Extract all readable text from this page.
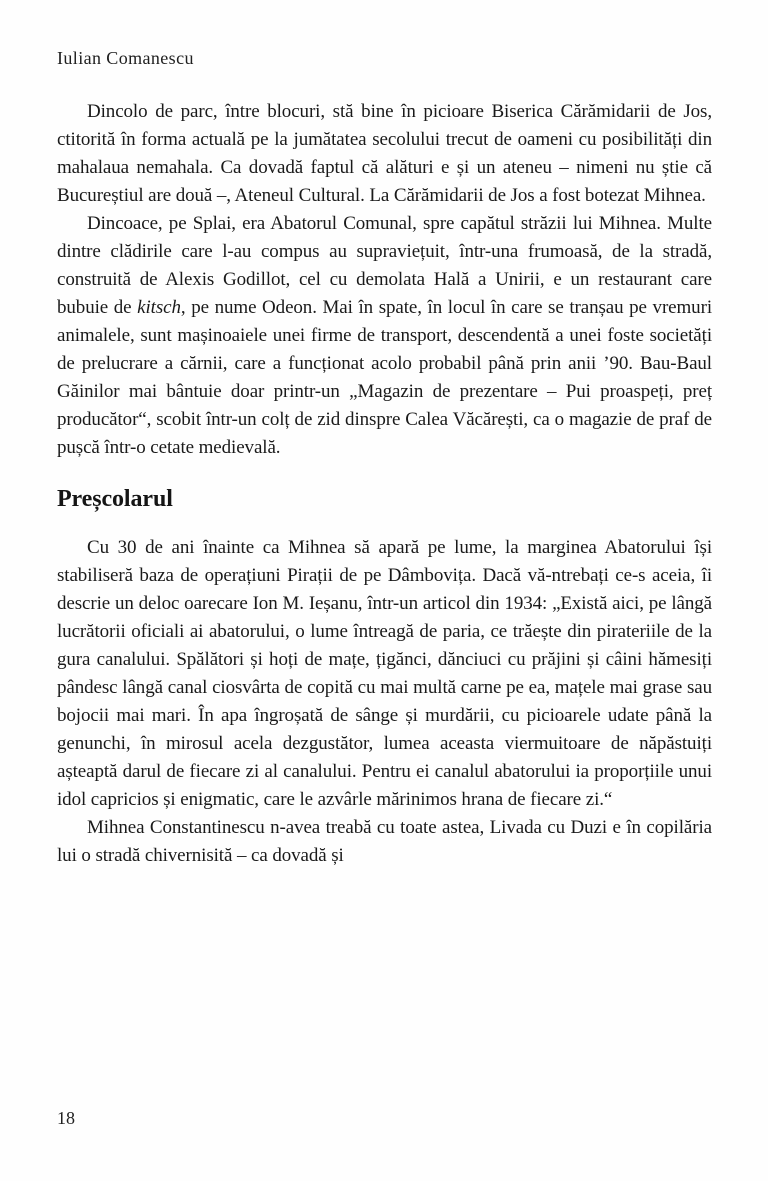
Iulian Comanescu

Dincolo de parc, între blocuri, stă bine în picioare Biserica Cărămidarii de Jos, ctitorită în forma actuală pe la jumătatea secolului trecut de oameni cu posibilități din mahalaua nemahala. Ca dovadă faptul că alături e și un ateneu – nimeni nu știe că Bucureștiul are două –, Ateneul Cultural. La Cărămidarii de Jos a fost botezat Mihnea.

Dincoace, pe Splai, era Abatorul Comunal, spre capătul străzii lui Mihnea. Multe dintre clădirile care l-au compus au supraviețuit, într-una frumoasă, de la stradă, construită de Alexis Godillot, cel cu demolata Hală a Unirii, e un restaurant care bubuie de kitsch, pe nume Odeon. Mai în spate, în locul în care se tranșau pe vremuri animalele, sunt mașinoaiele unei firme de transport, descendentă a unei foste societăți de prelucrare a cărnii, care a funcționat acolo probabil până prin anii ’90. Bau-Baul Găinilor mai bântuie doar printr-un „Magazin de prezentare – Pui proaspeți, preț producător“, scobit într-un colț de zid dinspre Calea Văcărești, ca o magazie de praf de pușcă într-o cetate medievală.

Preșcolarul

Cu 30 de ani înainte ca Mihnea să apară pe lume, la marginea Abatorului își stabiliseră baza de operațiuni Pirații de pe Dâmbovița. Dacă vă-ntrebați ce-s aceia, îi descrie un deloc oarecare Ion M. Ieșanu, într-un articol din 1934: „Există aici, pe lângă lucrătorii oficiali ai abatorului, o lume întreagă de paria, ce trăește din pirateriile de la gura canalului. Spălători și hoți de mațe, țigănci, dănciuci cu prăjini și câini hămesiți pândesc lângă canal ciosvârta de copită cu mai multă carne pe ea, mațele mai grase sau bojocii mai mari. În apa îngroșată de sânge și murdării, cu picioarele udate până la genunchi, în mirosul acela dezgustător, lumea aceasta viermuitoare de năpăstuiți așteaptă darul de fiecare zi al canalului. Pentru ei canalul abatorului ia proporțiile unui idol capricios și enigmatic, care le azvârle mărinimos hrana de fiecare zi.“

Mihnea Constantinescu n-avea treabă cu toate astea, Livada cu Duzi e în copilăria lui o stradă chivernisită – ca dovadă și

18
